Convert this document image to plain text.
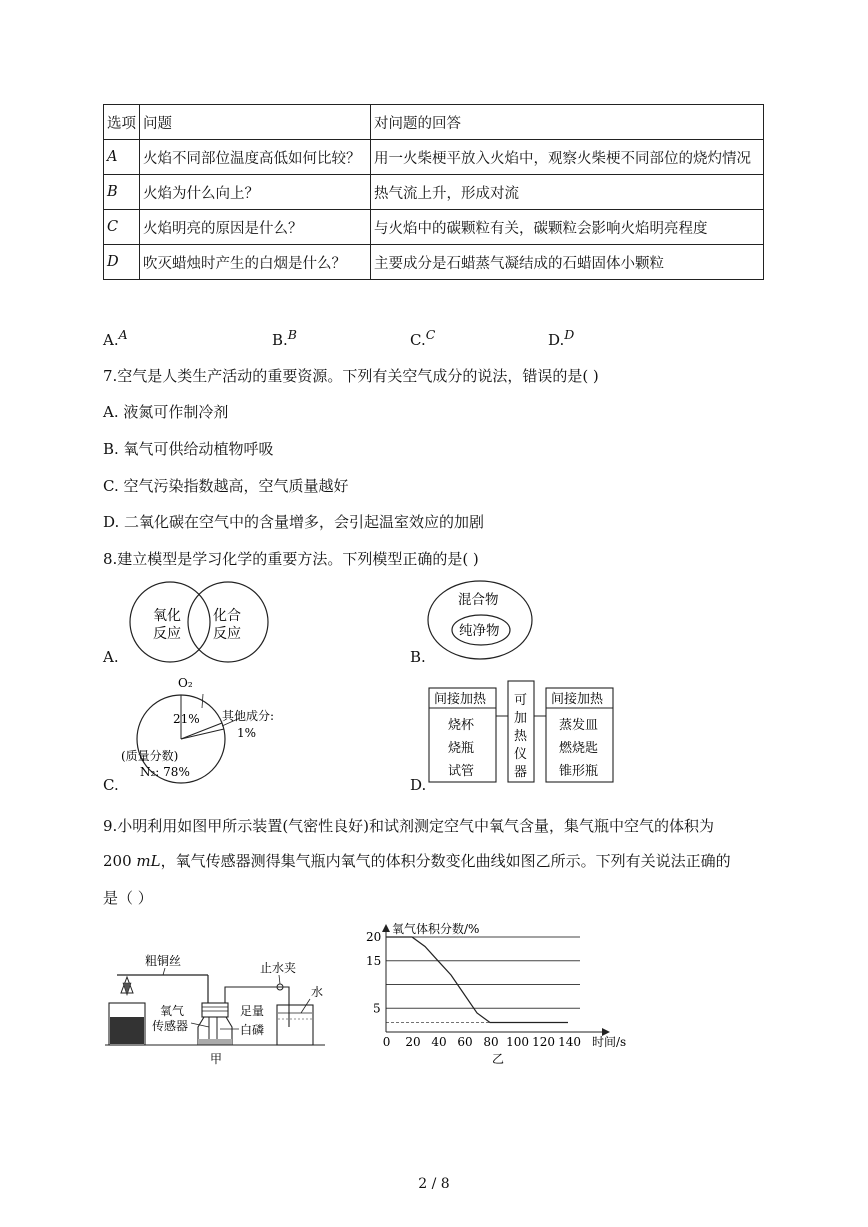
选项	问题	对问题的回答
A	火焰不同部位温度高低如何比较？	用一火柴梗平放入火焰中，观察火柴梗不同部位的烧灼情况
B	火焰为什么向上？	热气流上升，形成对流
C	火焰明亮的原因是什么？	与火焰中的碳颗粒有关，碳颗粒会影响火焰明亮程度
D	吹灭蜡烛时产生的白烟是什么？	主要成分是石蜡蒸气凝结成的石蜡固体小颗粒
A.$^A$	B.$^B$	C.$^C$	D.$^D$
7.空气是人类生产活动的重要资源。下列有关空气成分的说法，错误的是( )
A. 液氮可作制冷剂
B. 氧气可供给动植物呼吸
C. 空气污染指数越高，空气质量越好
D. 二氧化碳在空气中的含量增多，会引起温室效应的加剧
8.建立模型是学习化学的重要方法。下列模型正确的是( )
A.
氧化
反应
化合
反应
B.
混合物
纯净物
C.
O₂
21% 其他成分:
1%
(质量分数)
N₂: 78%
D.
间接加热
烧杯
烧瓶
试管
可
加
热
仪
器
间接加热
蒸发皿
燃烧匙
锥形瓶
9.小明利用如图甲所示装置(气密性良好)和试剂测定空气中氧气含量，集气瓶中空气的体积为
200 mL，氧气传感器测得集气瓶内氧气的体积分数变化曲线如图乙所示。下列有关说法正确的
是（ ）
粗铜丝
氧气
传感器
足量
白磷
止水夹
水
甲
氧气体积分数/%
时间/s
0 20 40 60 80 100 120 140
5
15
20
乙
2 / 8
